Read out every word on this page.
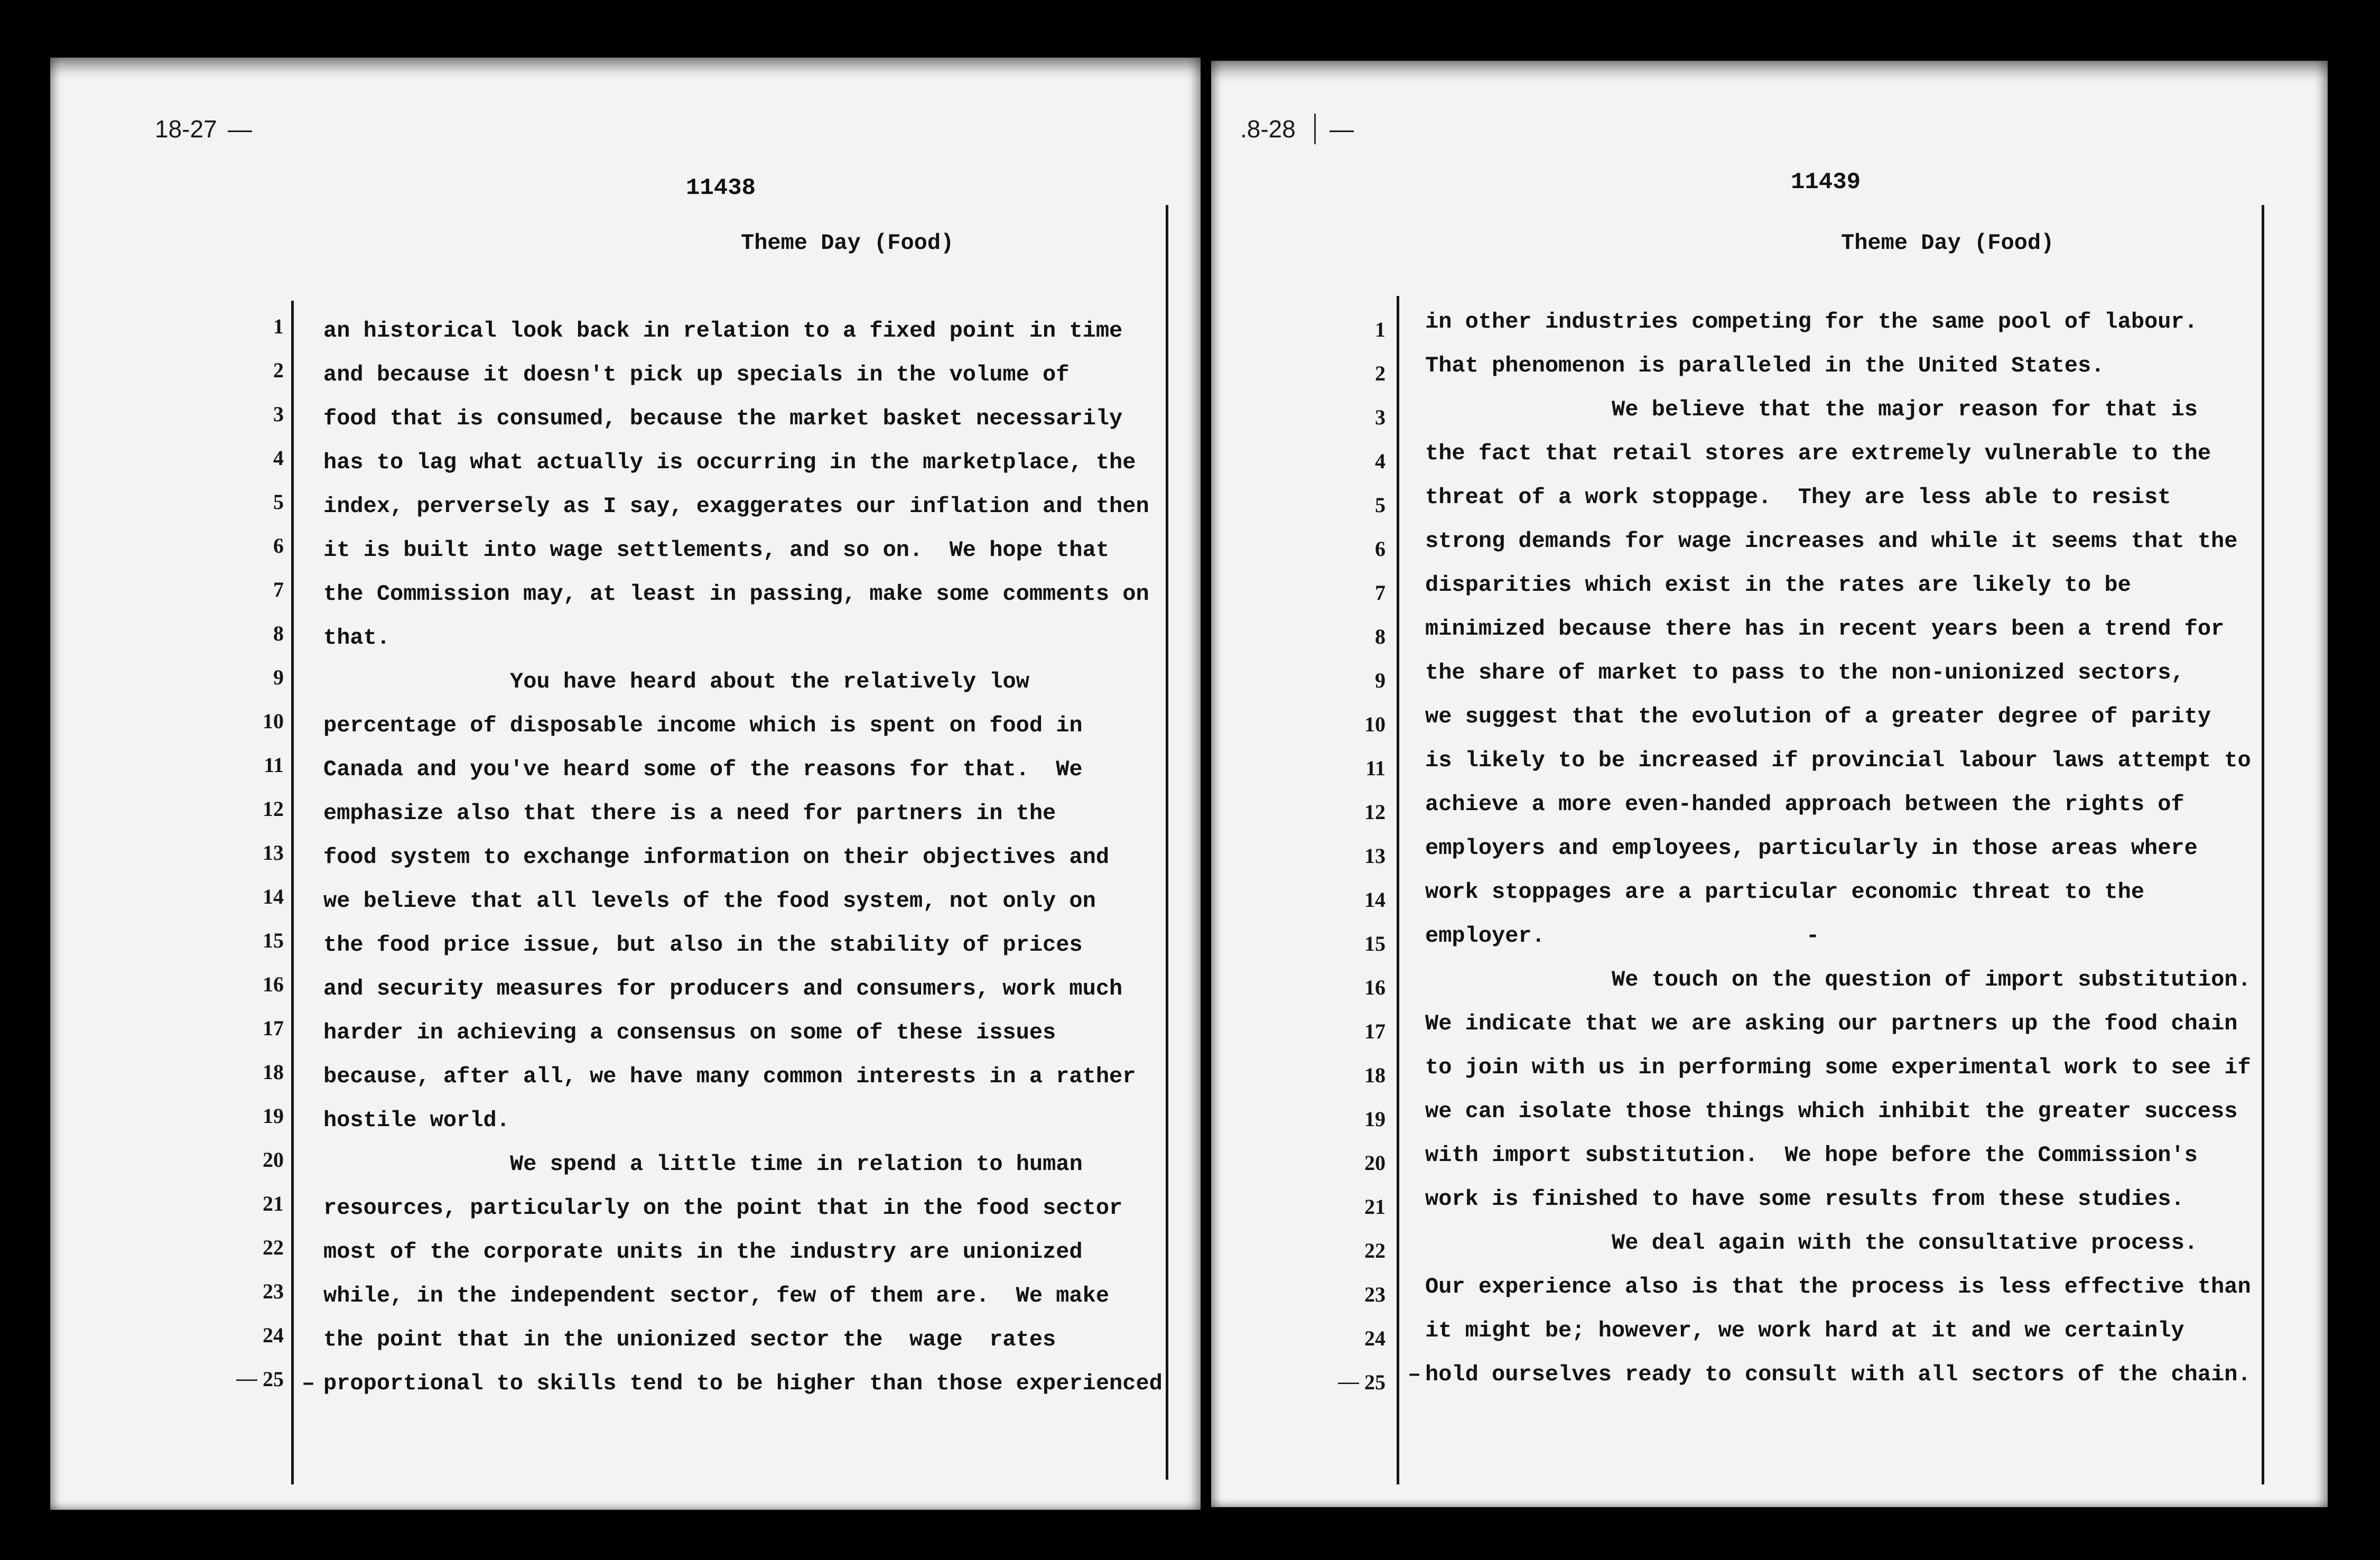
18-27 —
11438
Theme Day (Food)
1 an historical look back in relation to a fixed point in time
2 and because it doesn't pick up specials in the volume of
3 food that is consumed, because the market basket necessarily
4 has to lag what actually is occurring in the marketplace, the
5 index, perversely as I say, exaggerates our inflation and then
6 it is built into wage settlements, and so on.  We hope that
7 the Commission may, at least in passing, make some comments on
8 that.
9	You have heard about the relatively low
10 percentage of disposable income which is spent on food in
11 Canada and you've heard some of the reasons for that.  We
12 emphasize also that there is a need for partners in the
13 food system to exchange information on their objectives and
14 we believe that all levels of the food system, not only on
15 the food price issue, but also in the stability of prices
16 and security measures for producers and consumers, work much
17 harder in achieving a consensus on some of these issues
18 because, after all, we have many common interests in a rather
19 hostile world.
20	We spend a little time in relation to human
21 resources, particularly on the point that in the food sector
22 most of the corporate units in the industry are unionized
23 while, in the independent sector, few of them are.  We make
24 the point that in the unionized sector the  wage  rates
— 25 – proportional to skills tend to be higher than those experienced
.8-28 —
11439
Theme Day (Food)
1 in other industries competing for the same pool of labour.
2 That phenomenon is paralleled in the United States.
3	We believe that the major reason for that is
4 the fact that retail stores are extremely vulnerable to the
5 threat of a work stoppage.  They are less able to resist
6 strong demands for wage increases and while it seems that the
7 disparities which exist in the rates are likely to be
8 minimized because there has in recent years been a trend for
9 the share of market to pass to the non-unionized sectors,
10 we suggest that the evolution of a greater degree of parity
11 is likely to be increased if provincial labour laws attempt to
12 achieve a more even-handed approach between the rights of
13 employers and employees, particularly in those areas where
14 work stoppages are a particular economic threat to the
15 employer.	-
16	We touch on the question of import substitution.
17 We indicate that we are asking our partners up the food chain
18 to join with us in performing some experimental work to see if
19 we can isolate those things which inhibit the greater success
20 with import substitution.  We hope before the Commission's
21 work is finished to have some results from these studies.
22	We deal again with the consultative process.
23 Our experience also is that the process is less effective than
24 it might be; however, we work hard at it and we certainly
— 25 – hold ourselves ready to consult with all sectors of the chain.
